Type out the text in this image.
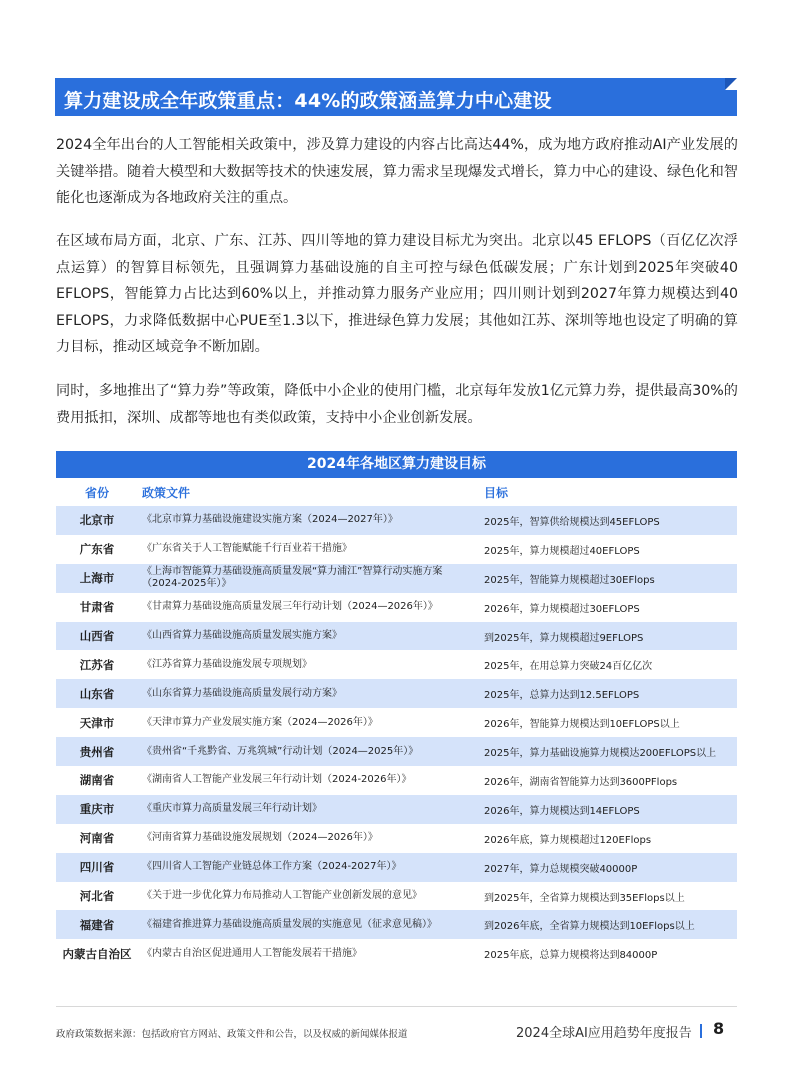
算力建设成全年政策重点：44%的政策涵盖算力中心建设
2024全年出台的人工智能相关政策中，涉及算力建设的内容占比高达44%，成为地方政府推动AI产业发展的关键举措。随着大模型和大数据等技术的快速发展，算力需求呈现爆发式增长，算力中心的建设、绿色化和智能化也逐渐成为各地政府关注的重点。
在区域布局方面，北京、广东、江苏、四川等地的算力建设目标尤为突出。北京以45 EFLOPS（百亿亿次浮点运算）的智算目标领先，且强调算力基础设施的自主可控与绿色低碳发展；广东计划到2025年突破40 EFLOPS，智能算力占比达到60%以上，并推动算力服务产业应用；四川则计划到2027年算力规模达到40 EFLOPS，力求降低数据中心PUE至1.3以下，推进绿色算力发展；其他如江苏、深圳等地也设定了明确的算力目标，推动区域竞争不断加剧。
同时，多地推出了“算力券”等政策，降低中小企业的使用门槛，北京每年发放1亿元算力券，提供最高30%的费用抵扣，深圳、成都等地也有类似政策，支持中小企业创新发展。
2024年各地区算力建设目标
省份	政策文件	目标
北京市	《北京市算力基础设施建设实施方案（2024—2027年）》	2025年，智算供给规模达到45EFLOPS
广东省	《广东省关于人工智能赋能千行百业若干措施》	2025年，算力规模超过40EFLOPS
上海市	《上海市智能算力基础设施高质量发展“算力浦江”智算行动实施方案（2024-2025年）》	2025年，智能算力规模超过30EFlops
甘肃省	《甘肃算力基础设施高质量发展三年行动计划（2024—2026年）》	2026年，算力规模超过30EFLOPS
山西省	《山西省算力基础设施高质量发展实施方案》	到2025年，算力规模超过9EFLOPS
江苏省	《江苏省算力基础设施发展专项规划》	2025年，在用总算力突破24百亿亿次
山东省	《山东省算力基础设施高质量发展行动方案》	2025年，总算力达到12.5EFLOPS
天津市	《天津市算力产业发展实施方案（2024—2026年）》	2026年，智能算力规模达到10EFLOPS以上
贵州省	《贵州省“千兆黔省、万兆筑城”行动计划（2024—2025年）》	2025年，算力基础设施算力规模达200EFLOPS以上
湖南省	《湖南省人工智能产业发展三年行动计划（2024-2026年）》	2026年，湖南省智能算力达到3600PFlops
重庆市	《重庆市算力高质量发展三年行动计划》	2026年，算力规模达到14EFLOPS
河南省	《河南省算力基础设施发展规划（2024—2026年）》	2026年底，算力规模超过120EFlops
四川省	《四川省人工智能产业链总体工作方案（2024-2027年）》	2027年，算力总规模突破40000P
河北省	《关于进一步优化算力布局推动人工智能产业创新发展的意见》	到2025年，全省算力规模达到35EFlops以上
福建省	《福建省推进算力基础设施高质量发展的实施意见（征求意见稿）》	到2026年底，全省算力规模达到10EFlops以上
内蒙古自治区	《内蒙古自治区促进通用人工智能发展若干措施》	2025年底，总算力规模将达到84000P
政府政策数据来源：包括政府官方网站、政策文件和公告，以及权威的新闻媒体报道	2024全球AI应用趋势年度报告 8
